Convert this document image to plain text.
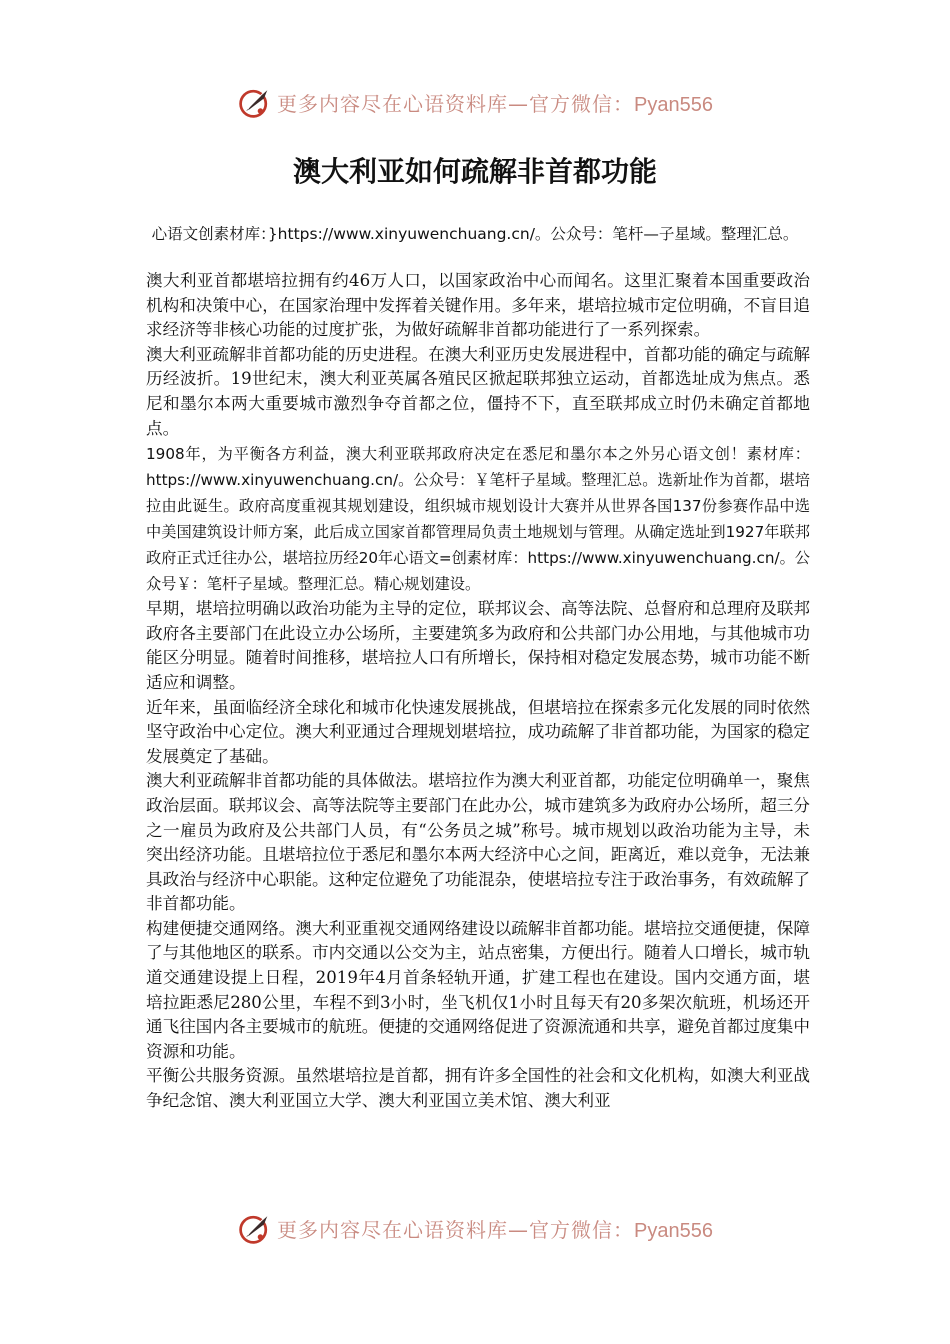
更多内容尽在心语资料库—官方微信：Pyan556
澳大利亚如何疏解非首都功能
心语文创素材库：}https://www.xinyuwenchuang.cn/。公众号：笔杆—子星域。整理汇总。

澳大利亚首都堪培拉拥有约46万人口，以国家政治中心而闻名。这里汇聚着本国重要政治机构和决策中心，在国家治理中发挥着关键作用。多年来，堪培拉城市定位明确，不盲目追求经济等非核心功能的过度扩张，为做好疏解非首都功能进行了一系列探索。

澳大利亚疏解非首都功能的历史进程。在澳大利亚历史发展进程中，首都功能的确定与疏解历经波折。19世纪末，澳大利亚英属各殖民区掀起联邦独立运动，首都选址成为焦点。悉尼和墨尔本两大重要城市激烈争夺首都之位，僵持不下，直至联邦成立时仍未确定首都地点。

1908年，为平衡各方利益，澳大利亚联邦政府决定在悉尼和墨尔本之外另心语文创！素材库：https://www.xinyuwenchuang.cn/。公众号：￥笔杆子星域。整理汇总。选新址作为首都，堪培拉由此诞生。政府高度重视其规划建设，组织城市规划设计大赛并从世界各国137份参赛作品中选中美国建筑设计师方案，此后成立国家首都管理局负责土地规划与管理。从确定选址到1927年联邦政府正式迁往办公，堪培拉历经20年心语文=创素材库：https://www.xinyuwenchuang.cn/。公众号￥：笔杆子星域。整理汇总。精心规划建设。

早期，堪培拉明确以政治功能为主导的定位，联邦议会、高等法院、总督府和总理府及联邦政府各主要部门在此设立办公场所，主要建筑多为政府和公共部门办公用地，与其他城市功能区分明显。随着时间推移，堪培拉人口有所增长，保持相对稳定发展态势，城市功能不断适应和调整。

近年来，虽面临经济全球化和城市化快速发展挑战，但堪培拉在探索多元化发展的同时依然坚守政治中心定位。澳大利亚通过合理规划堪培拉，成功疏解了非首都功能，为国家的稳定发展奠定了基础。

澳大利亚疏解非首都功能的具体做法。堪培拉作为澳大利亚首都，功能定位明确单一，聚焦政治层面。联邦议会、高等法院等主要部门在此办公，城市建筑多为政府办公场所，超三分之一雇员为政府及公共部门人员，有“公务员之城”称号。城市规划以政治功能为主导，未突出经济功能。且堪培拉位于悉尼和墨尔本两大经济中心之间，距离近，难以竞争，无法兼具政治与经济中心职能。这种定位避免了功能混杂，使堪培拉专注于政治事务，有效疏解了非首都功能。

构建便捷交通网络。澳大利亚重视交通网络建设以疏解非首都功能。堪培拉交通便捷，保障了与其他地区的联系。市内交通以公交为主，站点密集，方便出行。随着人口增长，城市轨道交通建设提上日程，2019年4月首条轻轨开通，扩建工程也在建设。国内交通方面，堪培拉距悉尼280公里，车程不到3小时，坐飞机仅1小时且每天有20多架次航班，机场还开通飞往国内各主要城市的航班。便捷的交通网络促进了资源流通和共享，避免首都过度集中资源和功能。

平衡公共服务资源。虽然堪培拉是首都，拥有许多全国性的社会和文化机构，如澳大利亚战争纪念馆、澳大利亚国立大学、澳大利亚国立美术馆、澳大利亚

更多内容尽在心语资料库—官方微信：Pyan556
